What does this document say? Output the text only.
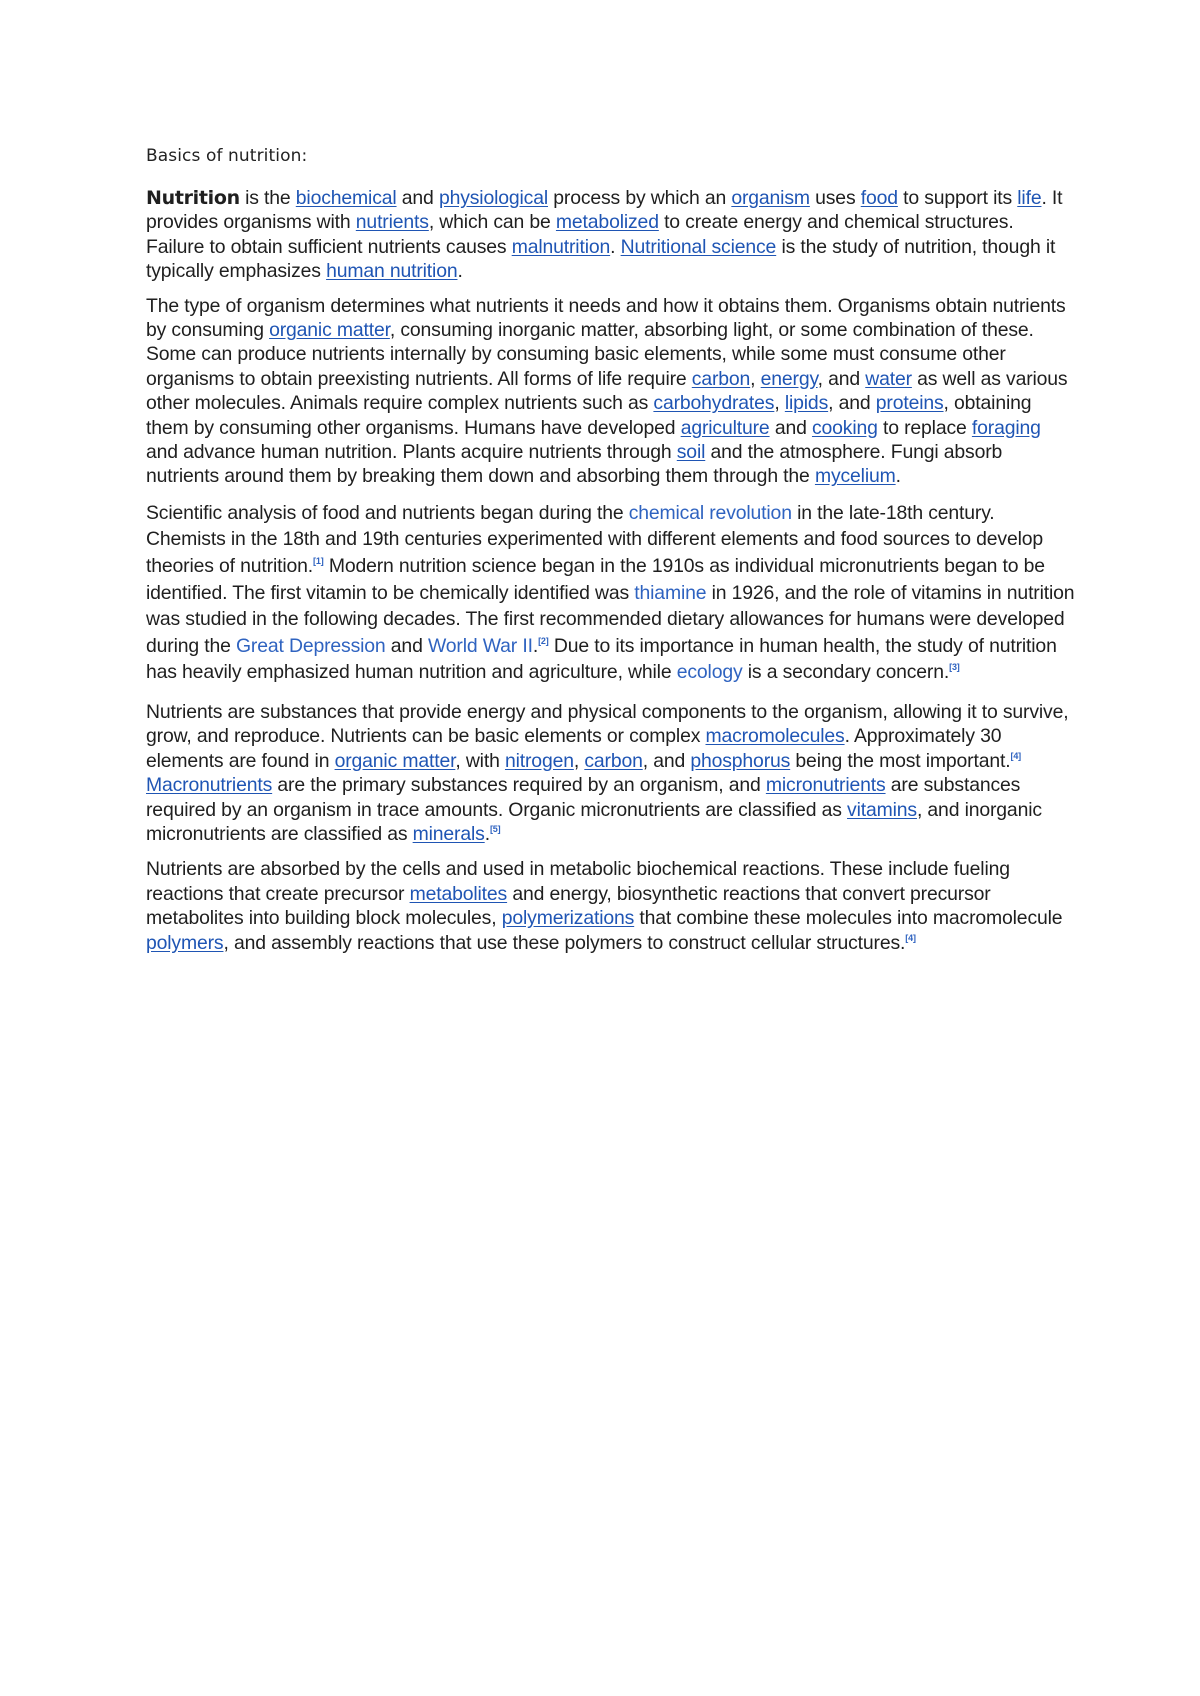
Basics of nutrition:

Nutrition is the biochemical and physiological process by which an organism uses food to support its life. It provides organisms with nutrients, which can be metabolized to create energy and chemical structures. Failure to obtain sufficient nutrients causes malnutrition. Nutritional science is the study of nutrition, though it typically emphasizes human nutrition.

The type of organism determines what nutrients it needs and how it obtains them. Organisms obtain nutrients by consuming organic matter, consuming inorganic matter, absorbing light, or some combination of these. Some can produce nutrients internally by consuming basic elements, while some must consume other organisms to obtain preexisting nutrients. All forms of life require carbon, energy, and water as well as various other molecules. Animals require complex nutrients such as carbohydrates, lipids, and proteins, obtaining them by consuming other organisms. Humans have developed agriculture and cooking to replace foraging and advance human nutrition. Plants acquire nutrients through soil and the atmosphere. Fungi absorb nutrients around them by breaking them down and absorbing them through the mycelium.

Scientific analysis of food and nutrients began during the chemical revolution in the late-18th century. Chemists in the 18th and 19th centuries experimented with different elements and food sources to develop theories of nutrition.[1] Modern nutrition science began in the 1910s as individual micronutrients began to be identified. The first vitamin to be chemically identified was thiamine in 1926, and the role of vitamins in nutrition was studied in the following decades. The first recommended dietary allowances for humans were developed during the Great Depression and World War II.[2] Due to its importance in human health, the study of nutrition has heavily emphasized human nutrition and agriculture, while ecology is a secondary concern.[3]

Nutrients are substances that provide energy and physical components to the organism, allowing it to survive, grow, and reproduce. Nutrients can be basic elements or complex macromolecules. Approximately 30 elements are found in organic matter, with nitrogen, carbon, and phosphorus being the most important.[4] Macronutrients are the primary substances required by an organism, and micronutrients are substances required by an organism in trace amounts. Organic micronutrients are classified as vitamins, and inorganic micronutrients are classified as minerals.[5]

Nutrients are absorbed by the cells and used in metabolic biochemical reactions. These include fueling reactions that create precursor metabolites and energy, biosynthetic reactions that convert precursor metabolites into building block molecules, polymerizations that combine these molecules into macromolecule polymers, and assembly reactions that use these polymers to construct cellular structures.[4]
